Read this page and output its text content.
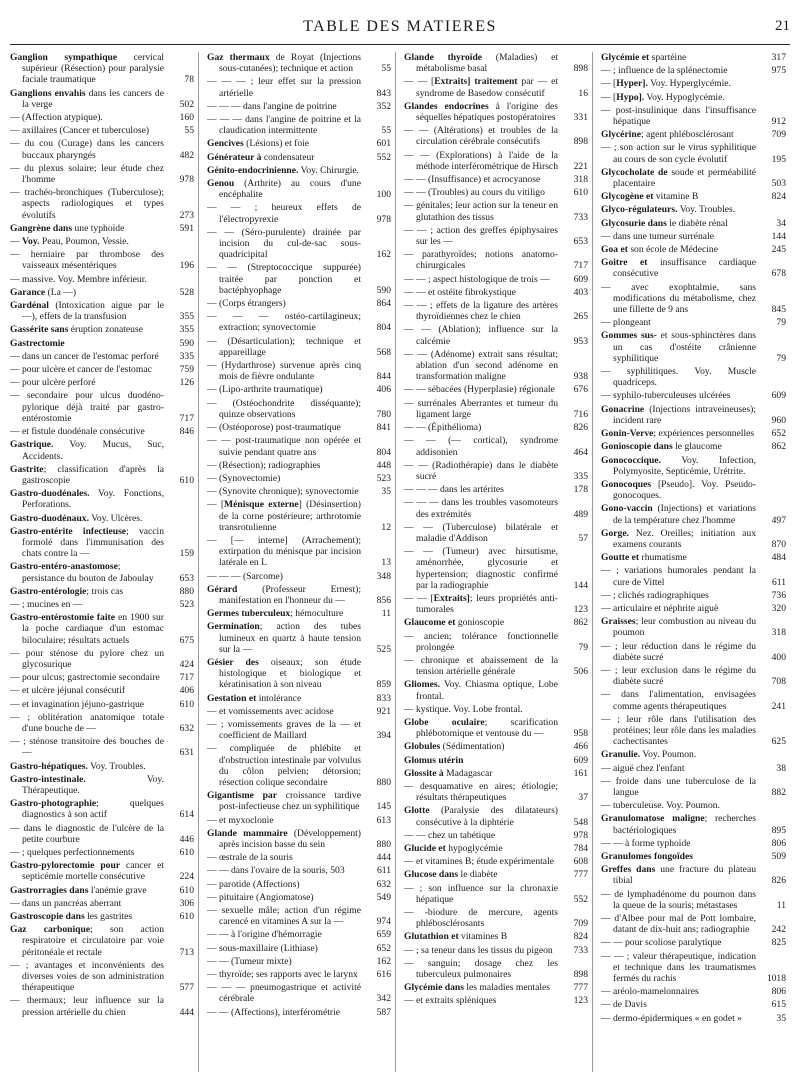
TABLE DES MATIERES	21
Ganglion sympathique cervical supérieur (Résection) pour paralysie faciale traumatique	78
Ganglions envahis dans les cancers de la verge	502
— (Affection atypique).	160
— axillaires (Cancer et tuberculose)	55
— du cou (Curage) dans les cancers buccaux pharyngés	482
— du plexus solaire; leur étude chez l'homme	978
— trachéo-bronchiques (Tuberculose); aspects radiologiques et types évolutifs	273
Gangrène dans une typhoïde	591
— Voy. Peau, Poumon, Vessie.
— herniaire par thrombose des vaisseaux mésentériques	196
— massive. Voy. Membre inférieur.
Garance (La —)	528
Gardénal (Intoxication aigue par le —), effets de la transfusion	355
Gassérite sans éruption zonateuse	355
Gastrectomie	590
— dans un cancer de l'estomac perforé	335
— pour ulcère et cancer de l'estomac	759
— pour ulcère perforé	126
— secondaire pour ulcus duodéno-pylorique déjà traité par gastro-entérostomie	717
— et fistule duodénale consécutive	846
Gastrique. Voy. Mucus, Suc, Accidents.
Gastrite; classification d'après la gastroscopie	610
Gastro-duodénales. Voy. Fonctions, Perforations.
Gastro-duodénaux. Voy. Ulcères.
Gastro-entérite infectieuse; vaccin formolé dans l'immunisation des chats contre la —	159
Gastro-entéro-anastomose; persistance du bouton de Jaboulay	653
Gastro-entérologie; trois cas	880
— ; mucines en —	523
Gastro-entérostomie faite en 1900 sur la poche cardiaque d'un estomac biloculaire; résultats actuels	675
— pour sténose du pylore chez un glycosurique	424
— pour ulcus; gastrectomie secondaire	717
— et ulcère jéjunal consécutif	406
— et invagination jéjuno-gastrique	610
— ; oblitération anatomique totale d'une bouche de —	632
— ; sténose transitoire des bouches de —	631
Gastro-hépatiques. Voy. Troubles.
Gastro-intestinale. Voy. Thérapeutique.
Gastro-photographie; quelques diagnostics à son actif	614
— dans le diagnostic de l'ulcère de la petite courbure	446
— ; quelques perfectionnements	610
Gastro-pylorectomie pour cancer et septicémie mortelle consécutive	224
Gastrorragies dans l'anémie grave	610
— dans un pancréas aberrant	306
Gastroscopie dans les gastrites	610
Gaz carbonique; son action respiratoire et circulatoire par voie péritonéale et rectale	713
— ; avantages et inconvénients des diverses voies de son administration thérapeutique	577
— thermaux; leur influence sur la pression artérielle du chien	444
Gaz thermaux de Royat (Injections sous-cutanées); technique et action	55
— — — ; leur effet sur la pression artérielle	843
— — — dans l'angine de poitrine	352
— — — dans l'angine de poitrine et la claudication intermittente	55
Gencives (Lésions) et foie	601
Générateur à condensateur	552
Génito-endocrinienne. Voy. Chirurgie.
Genou (Arthrite) au cours d'une encéphalite	100
— — ; heureux effets de l'électropyrexie	978
— — (Séro-purulente) drainée par incision du cul-de-sac sous-quadricipital	162
— — (Streptococcique suppurée) traitée par ponction et bactéphyophage	590
— (Corps étrangers)	864
— — — ostéo-cartilagineux; extraction; synovectomie	804
— (Désarticulation); technique et appareillage	568
— (Hydarthrose) survenue après cinq mois de fièvre ondulante	844
— (Lipo-arthrite traumatique)	406
— (Ostéochondrite disséquante); quinze observations	780
— (Ostéoporose) post-traumatique	841
— — post-traumatique non opérée et suivie pendant quatre ans	804
— (Résection); radiographies	448
— (Synovectomie)	523
— (Synovite chronique); synovectomie	35
— [Ménisque externe] (Désinsertion) de la corne postérieure; arthrotomie transrotulienne	12
— [— interne] (Arrachement); extirpation du ménisque par incision latérale en L	13
— — — (Sarcome)	348
Gérard (Professeur Ernest); manifestation en l'honneur du —	856
Germes tuberculeux; hémoculture	11
Germination; action des tubes lumineux en quartz à haute tension sur la —	525
Gésier des oiseaux; son étude histologique et biologique et kératinisation à son niveau	859
Gestation et intolérance	833
— et vomissements avec acidose	921
— ; vomissements graves de la — et coefficient de Maillard	394
— compliquée de phlébite et d'obstruction intestinale par volvulus du côlon pelvien; détorsion; résection colique secondaire	880
Gigantisme par croissance tardive post-infectieuse chez un syphilitique	145
— et myxoclonie	613
Glande mammaire (Développement) après incision basse du sein	880
— œstrale de la souris	444
— — dans l'ovaire de la souris, 503	611
— parotide (Affections)	632
— pituitaire (Angiomatose)	549
— sexuelle mâle; action d'un régime carencé en vitamines A sur la —	974
— — à l'origine d'hémorragie	659
— sous-maxillaire (Lithiase)	652
— — (Tumeur mixte)	162
— thyroïde; ses rapports avec le larynx	616
— — — pneumogastrique et activité cérébrale	342
— — (Affections), interférométrie	587
Glande thyroïde (Maladies) et métabolisme basal	898
— — [Extraits] traitement par — et syndrome de Basedow consécutif	16
Glandes endocrines à l'origine des séquelles hépatiques postopératoires	331
— — (Altérations) et troubles de la circulation cérébrale consécutifs	898
— — (Explorations) à l'aide de la méthode interférométrique de Hirsch	221
— — (Insuffisance) et acrocyanose	318
— — (Troubles) au cours du vitiligo	610
— génitales; leur action sur la teneur en glutathion des tissus	733
— — ; action des greffes épiphysaires sur les —	653
— parathyroïdes; notions anatomo-chirurgicales	717
— — ; aspect histologique de trois —	609
— — et ostéite fibrokystique	403
— — ; effets de la ligature des artères thyroïdiennes chez le chien	265
— — (Ablation); influence sur la calcémie	953
— — (Adénome) extrait sans résultat; ablation d'un second adénome en transformation maligne	938
— — sébacées (Hyperplasie) régionale	676
— surrénales Aberrantes et tumeur du ligament large	716
— — (Épithélioma)	826
— — (— cortical), syndrome addisonien	464
— — (Radiothérapie) dans le diabète sucré	335
— — — dans les artérites	178
— — — dans les troubles vasomoteurs des extrémités	489
— — (Tuberculose) bilatérale et maladie d'Addison	57
— — (Tumeur) avec hirsutisme, aménorrhée, glycosurie et hypertension; diagnostic confirmé par la radiographie	144
— — [Extraits]; leurs propriétés anti-tumorales	123
Glaucome et gonioscopie	862
— ancien; tolérance fonctionnelle prolongée	79
— chronique et abaissement de la tension artérielle générale	506
Gliomes. Voy. Chiasma optique, Lobe frontal.
— kystique. Voy. Lobe frontal.
Globe oculaire; scarification phlébotomique et ventouse du —	958
Globules (Sédimentation)	466
Glomus utérin	609
Glossite à Madagascar	161
— desquamative en aires; étiologie; résultats thérapeutiques	37
Glotte (Paralysie des dilatateurs) consécutive à la diphtérie	548
— — chez un tabétique	978
Glucide et hypoglycémie	784
— et vitamines B; étude expérimentale	608
Glucose dans le diabète	777
— ; son influence sur la chronaxie hépatique	552
— -biodure de mercure, agents phlébosclérosants	709
Glutathion et vitamines B	824
— ; sa teneur dans les tissus du pigeon	733
— sanguin; dosage chez les tuberculeux pulmonaires	898
Glycémie dans les maladies mentales	777
— et extraits spléniques	123
Glycémie et spartéine	317
— ; influence de la splénectomie	975
— [Hyper]. Voy. Hyperglycémie.
— [Hypo]. Voy. Hypoglycémie.
— post-insulinique dans l'insuffisance hépatique	912
Glycérine; agent phlébosclérosant	709
— ; son action sur le virus syphilitique au cours de son cycle évolutif	195
Glycocholate de soude et perméabilité placentaire	503
Glycogène et vitamine B	824
Glyco-régulateurs. Voy. Troubles.
Glycosurie dans le diabète rénal	34
— dans une tumeur surrénale	144
Goa et son école de Médecine	245
Goitre et insuffisance cardiaque consécutive	678
— avec exophtalmie, sans modifications du métabolisme, chez une fillette de 9 ans	845
— plongeant	79
Gommes sus- et sous-sphinctères dans un cas d'ostéite crânienne syphilitique	79
— syphilitiques. Voy. Muscle quadriceps.
— syphilo-tuberculeuses ulcérées	609
Gonacrine (Injections intraveineuses); incident rare	960
Gonin-Verve; expériences personnelles	652
Gonioscopie dans le glaucome	862
Gonococcique. Voy. Infection, Polymyosite, Septicémie, Urétrite.
Gonocoques [Pseudo]. Voy. Pseudo-gonocoques.
Gono-vaccin (Injections) et variations de la température chez l'homme	497
Gorge. Nez. Oreilles; initiation aux examens courants	870
Goutte et rhumatisme	484
— ; variations humorales pendant la cure de Vittel	611
— ; clichés radiographiques	736
— articulaire et néphrite aiguë	320
Graisses; leur combustion au niveau du poumon	318
— ; leur réduction dans le régime du diabète sucré	400
— ; leur exclusion dans le régime du diabète sucré	708
— dans l'alimentation, envisagées comme agents thérapeutiques	241
— ; leur rôle dans l'utilisation des protéines; leur rôle dans les maladies cachectisantes	625
Granulie. Voy. Poumon.
— aiguë chez l'enfant	38
— froide dans une tuberculose de la langue	882
— tuberculeuse. Voy. Poumon.
Granulomatose maligne; recherches bactériologiques	895
— — à forme typhoïde	806
Granulomes fongoïdes	509
Greffes dans une fracture du plateau tibial	826
— de lymphadénome du poumon dans la queue de la souris; métastases	11
— d'Albee pour mal de Pott lombaire, datant de dix-huit ans; radiographie	242
— — pour scoliose paralytique	825
— — ; valeur thérapeutique, indication et technique dans les traumatismes fermés du rachis	1018
— aréolo-mamelonnaires	806
— de Davis	615
— dermo-épidermiques « en godet »	35
